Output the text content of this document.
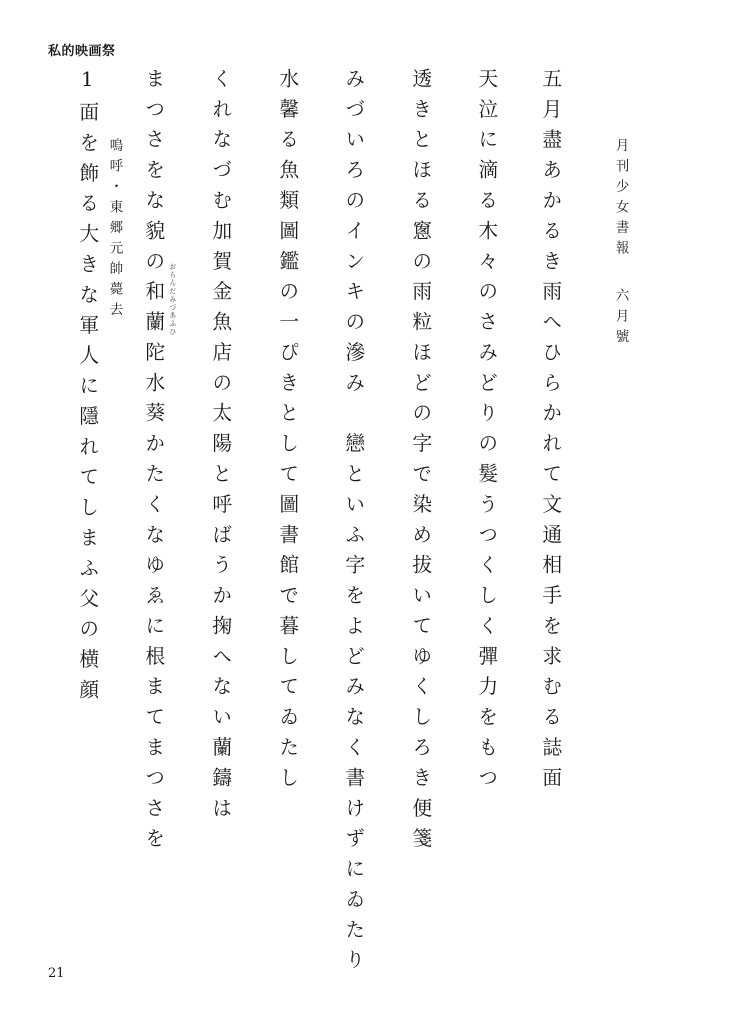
私的映画祭
月刊少女書報　　六月號
五月盡あかるき雨へひらかれて文通相手を求むる誌面
天泣に滴る木々のさみどりの髮うつくしく彈力をもつ
透きとほる窻の雨粒ほどの字で染め拔いてゆくしろき便箋
みづいろのインキの滲み　戀といふ字をよどみなく書けずにゐたり
水馨る魚類圖鑑の一ぴきとして圖書館で暮してゐたし
くれなづむ加賀金魚店の太陽と呼ばうか掬へない蘭鑄は
まつさをな貌の和蘭陀水葵かたくなゆゑに根まてまつさを おらんだみづあふひ
嗚呼・東郷元帥薨去
1面を飾る大きな軍人に隱れてしまふ父の横顔
21
